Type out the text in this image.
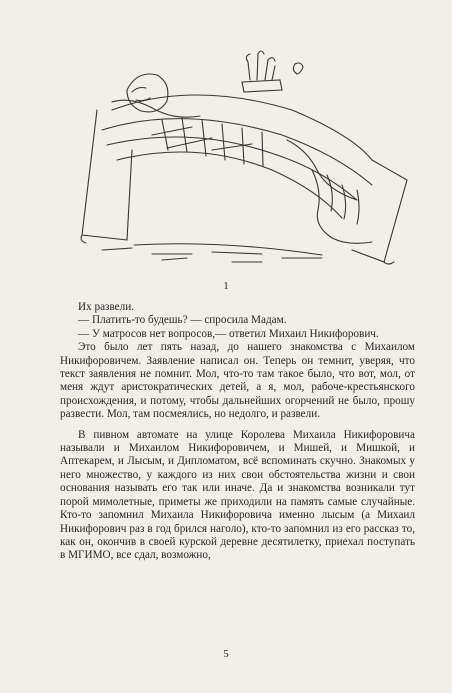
1

Их развели.

— Платить-то будешь? — спросила Мадам.

— У матросов нет вопросов,— ответил Михаил Никифорович.

Это было лет пять назад, до нашего знакомства с Михаилом Никифоровичем. Заявление написал он. Теперь он темнит, уверяя, что текст заявления не помнит. Мол, что-то там такое было, что вот, мол, от меня ждут аристократических детей, а я, мол, рабоче-крестьянского происхождения, и потому, чтобы дальнейших огорчений не было, прошу развести. Мол, там посмеялись, но недолго, и развели.

В пивном автомате на улице Королева Михаила Никифоровича называли и Михаилом Никифоровичем, и Мишей, и Мишкой, и Аптекарем, и Лысым, и Дипломатом, всё вспоминать скучно. Знакомых у него множество, у каждого из них свои обстоятельства жизни и свои основания называть его так или иначе. Да и знакомства возникали тут порой мимолетные, приметы же приходили на память самые случайные. Кто-то запомнил Михаила Никифоровича именно лысым (а Михаил Никифорович раз в год брился наголо), кто-то запомнил из его рассказ то, как он, окончив в своей курской деревне десятилетку, приехал поступать в МГИМО, все сдал, возможно,

5
